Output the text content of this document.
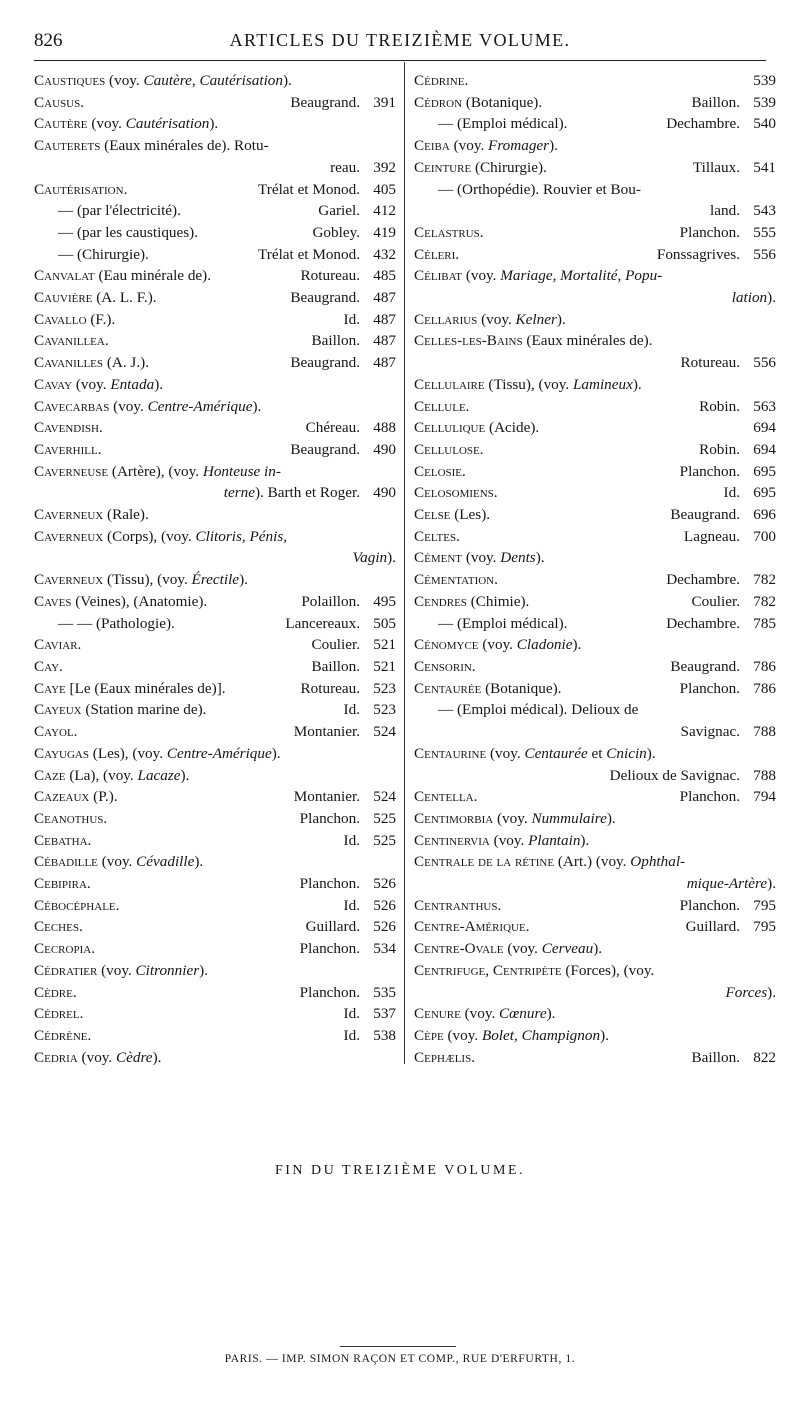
826	ARTICLES DU TREIZIÈME VOLUME.
Caustiques (voy. Cautère, Cautérisation).
Causus.	Beaugrand. 391
Cautère (voy. Cautérisation).
Cauterets (Eaux minérales de). Rotu-
reau. 392
Cautérisation.	Trélat et Monod. 405
— (par l'électricité).	Gariel. 412
— (par les caustiques).	Gobley. 419
— (Chirurgie).	Trélat et Monod. 432
Canvalat (Eau minérale de).	Rotureau. 485
Cauvière (A. L. F.).	Beaugrand. 487
Cavallo (F.).	Id. 487
Cavanillea.	Baillon. 487
Cavanilles (A. J.).	Beaugrand. 487
Cavay (voy. Entada).
Cavecarbas (voy. Centre-Amérique).
Cavendish.	Chéreau. 488
Caverhill.	Beaugrand. 490
Caverneuse (Artère), (voy. Honteuse in-
terne). Barth et Roger. 490
Caverneux (Rale).
Caverneux (Corps), (voy. Clitoris, Pénis,
Vagin).
Caverneux (Tissu), (voy. Érectile).
Caves (Veines), (Anatomie).	Polaillon. 495
— — (Pathologie).	Lancereaux. 505
Caviar.	Coulier. 521
Cay.	Baillon. 521
Caye [Le (Eaux minérales de)].	Rotureau. 523
Cayeux (Station marine de).	Id. 523
Cayol.	Montanier. 524
Cayugas (Les), (voy. Centre-Amérique).
Caze (La), (voy. Lacaze).
Cazeaux (P.).	Montanier. 524
Ceanothus.	Planchon. 525
Cebatha.	Id. 525
Cébadille (voy. Cévadille).
Cebipira.	Planchon. 526
Cébocéphale.	Id. 526
Ceches.	Guillard. 526
Cecropia.	Planchon. 534
Cédratier (voy. Citronnier).
Cèdre.	Planchon. 535
Cédrel.	Id. 537
Cédrène.	Id. 538
Cedria (voy. Cèdre).
Cédrine.	539
Cédron (Botanique).	Baillon. 539
— (Emploi médical).	Dechambre. 540
Ceiba (voy. Fromager).
Ceinture (Chirurgie).	Tillaux. 541
— (Orthopédie). Rouvier et Bou-
land. 543
Celastrus.	Planchon. 555
Céleri.	Fonssagrives. 556
Célibat (voy. Mariage, Mortalité, Popu-
lation).
Cellarius (voy. Kelner).
Celles-les-Bains (Eaux minérales de).
Rotureau. 556
Cellulaire (Tissu), (voy. Lamineux).
Cellule.	Robin. 563
Cellulique (Acide).	694
Cellulose.	Robin. 694
Celosie.	Planchon. 695
Celosomiens.	Id. 695
Celse (Les).	Beaugrand. 696
Celtes.	Lagneau. 700
Cément (voy. Dents).
Cémentation.	Dechambre. 782
Cendres (Chimie).	Coulier. 782
— (Emploi médical).	Dechambre. 785
Cénomyce (voy. Cladonie).
Censorin.	Beaugrand. 786
Centaurée (Botanique).	Planchon. 786
— (Emploi médical). Delioux de
Savignac. 788
Centaurine (voy. Centaurée et Cnicin).
Delioux de Savignac. 788
Centella.	Planchon. 794
Centimorbia (voy. Nummulaire).
Centinervia (voy. Plantain).
Centrale de la rétine (Art.) (voy. Ophthal-
mique-Artère).
Centranthus.	Planchon. 795
Centre-Amérique.	Guillard. 795
Centre-Ovale (voy. Cerveau).
Centrifuge, Centripète (Forces), (voy.
Forces).
Cenure (voy. Cœnure).
Cèpe (voy. Bolet, Champignon).
Cephælis.	Baillon. 822
FIN DU TREIZIÈME VOLUME.
PARIS. — IMP. SIMON RAÇON ET COMP., RUE D'ERFURTH, 1.
